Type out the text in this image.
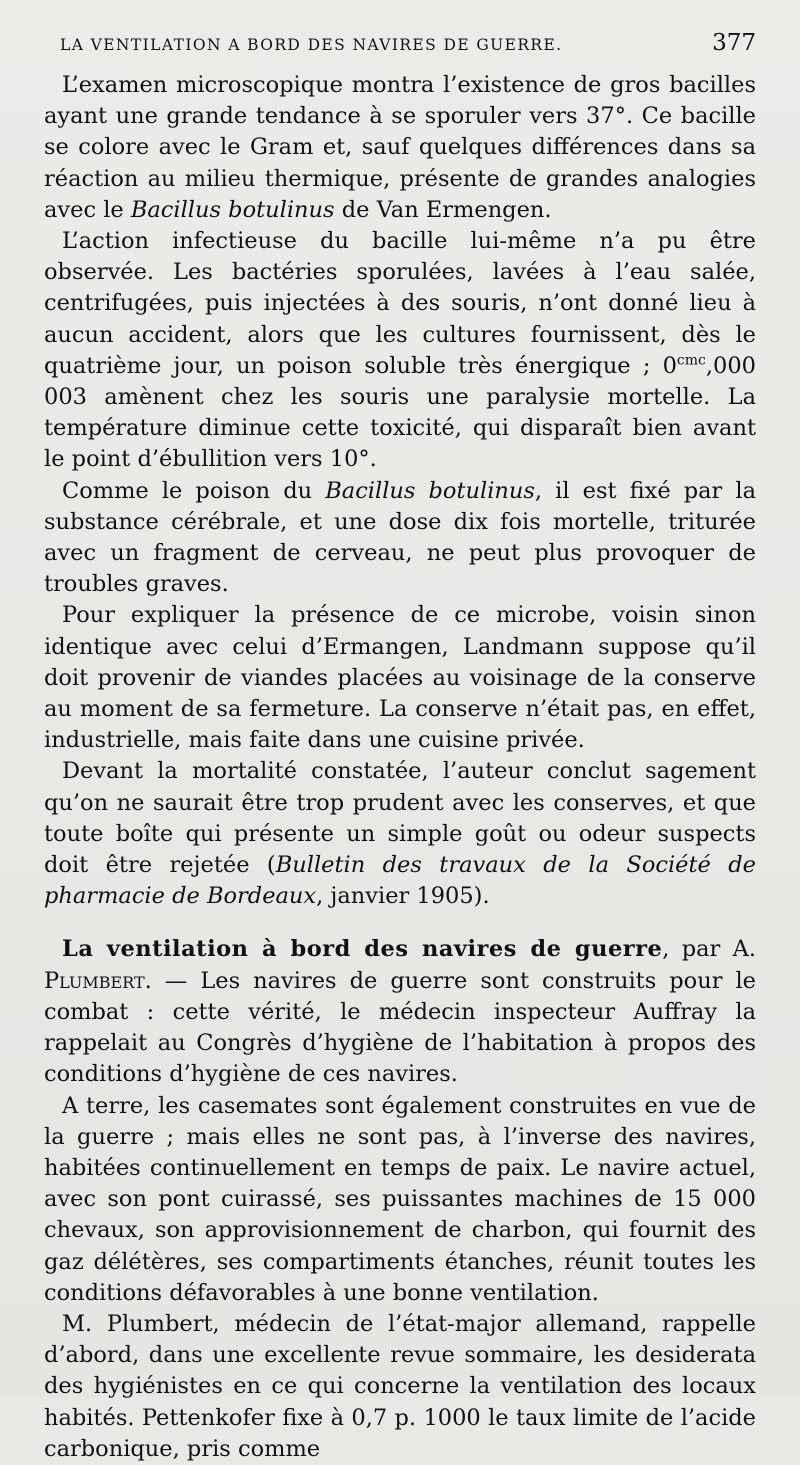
LA VENTILATION A BORD DES NAVIRES DE GUERRE.	377

L’examen microscopique montra l’existence de gros bacilles ayant une grande tendance à se sporuler vers 37°. Ce bacille se colore avec le Gram et, sauf quelques différences dans sa réaction au milieu thermique, présente de grandes analogies avec le Bacillus botulinus de Van Ermengen.

L’action infectieuse du bacille lui-même n’a pu être observée. Les bactéries sporulées, lavées à l’eau salée, centrifugées, puis injectées à des souris, n’ont donné lieu à aucun accident, alors que les cultures fournissent, dès le quatrième jour, un poison soluble très énergique ; $0^{cmc},000$ 003 amènent chez les souris une paralysie mortelle. La température diminue cette toxicité, qui disparaît bien avant le point d’ébullition vers 10°.

Comme le poison du Bacillus botulinus, il est fixé par la substance cérébrale, et une dose dix fois mortelle, triturée avec un fragment de cerveau, ne peut plus provoquer de troubles graves.

Pour expliquer la présence de ce microbe, voisin sinon identique avec celui d’Ermangen, Landmann suppose qu’il doit provenir de viandes placées au voisinage de la conserve au moment de sa fermeture. La conserve n’était pas, en effet, industrielle, mais faite dans une cuisine privée.

Devant la mortalité constatée, l’auteur conclut sagement qu’on ne saurait être trop prudent avec les conserves, et que toute boîte qui présente un simple goût ou odeur suspects doit être rejetée (Bulletin des travaux de la Société de pharmacie de Bordeaux, janvier 1905).

La ventilation à bord des navires de guerre, par A. Plumbert. — Les navires de guerre sont construits pour le combat : cette vérité, le médecin inspecteur Auffray la rappelait au Congrès d’hygiène de l’habitation à propos des conditions d’hygiène de ces navires.

A terre, les casemates sont également construites en vue de la guerre ; mais elles ne sont pas, à l’inverse des navires, habitées continuellement en temps de paix. Le navire actuel, avec son pont cuirassé, ses puissantes machines de 15 000 chevaux, son approvisionnement de charbon, qui fournit des gaz délétères, ses compartiments étanches, réunit toutes les conditions défavorables à une bonne ventilation.

M. Plumbert, médecin de l’état-major allemand, rappelle d’abord, dans une excellente revue sommaire, les desiderata des hygiénistes en ce qui concerne la ventilation des locaux habités. Pettenkofer fixe à 0,7 p. 1000 le taux limite de l’acide carbonique, pris comme
